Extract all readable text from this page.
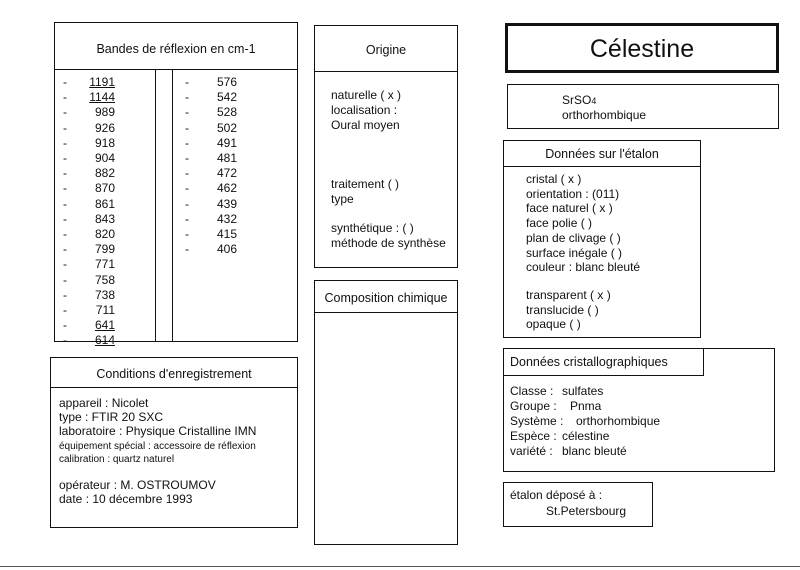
Bandes de réflexion en cm-1
- 1191
- 1144
- 989
- 926
- 918
- 904
- 882
- 870
- 861
- 843
- 820
- 799
- 771
- 758
- 738
- 711
- 641
- 614
- 576
- 542
- 528
- 502
- 491
- 481
- 472
- 462
- 439
- 432
- 415
- 406
Origine
naturelle ( x )
localisation :
Oural moyen
traitement ( )
type
synthétique : ( )
méthode de synthèse
Composition chimique
Célestine
SrSO4
orthorhombique
Données sur l'étalon
cristal ( x )
orientation : (011)
face naturel ( x )
face polie ( )
plan de clivage ( )
surface inégale ( )
couleur : blanc bleuté
transparent ( x )
translucide ( )
opaque ( )
Données cristallographiques
Classe : sulfates
Groupe : Pnma
Système : orthorhombique
Espèce : célestine
variété : blanc bleuté
étalon déposé à :
St.Petersbourg
Conditions d'enregistrement
appareil : Nicolet
type : FTIR 20 SXC
laboratoire : Physique Cristalline IMN
équipement spécial : accessoire de réflexion
calibration : quartz naturel
opérateur : M. OSTROUMOV
date : 10 décembre 1993
